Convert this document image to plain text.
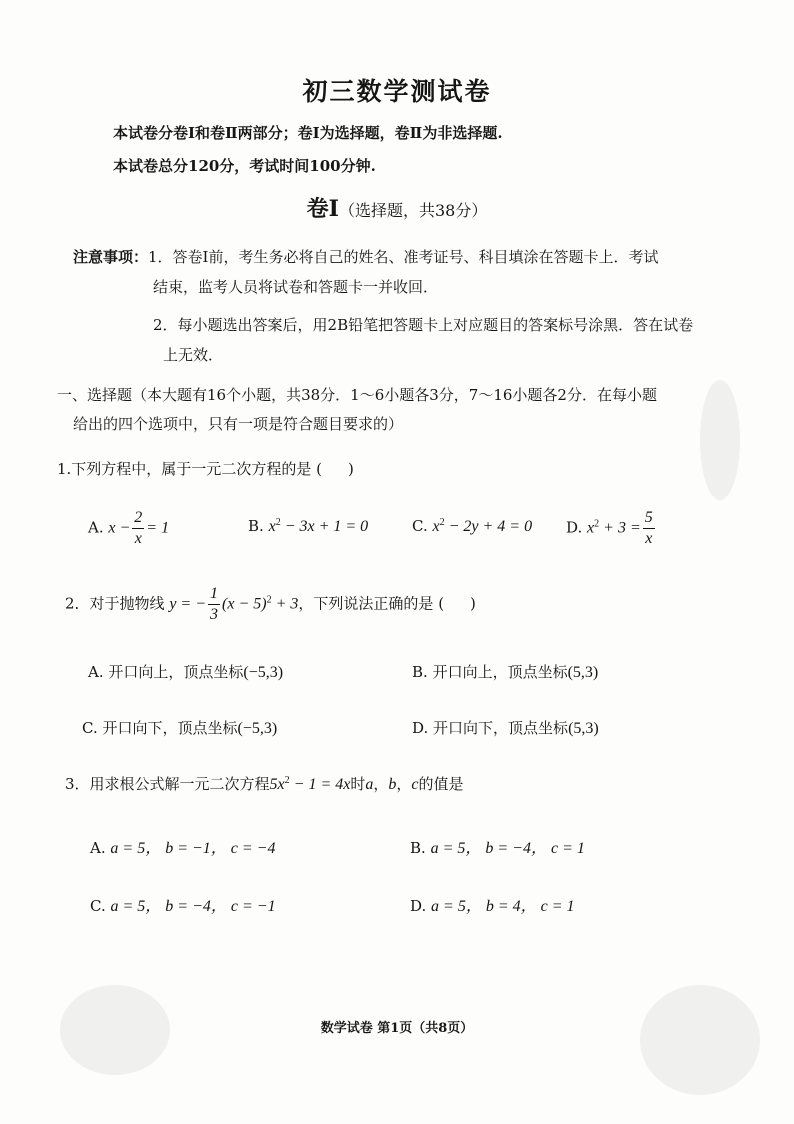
初三数学测试卷
本试卷分卷Ⅰ和卷Ⅱ两部分；卷Ⅰ为选择题，卷Ⅱ为非选择题.
本试卷总分120分，考试时间100分钟.
卷Ⅰ（选择题，共38分）
注意事项：1．答卷Ⅰ前，考生务必将自己的姓名、准考证号、科目填涂在答题卡上．考试
结束，监考人员将试卷和答题卡一并收回．
2．每小题选出答案后，用2B铅笔把答题卡上对应题目的答案标号涂黑．答在试卷
上无效．
一、选择题（本大题有16个小题，共38分．1～6小题各3分，7～16小题各2分．在每小题
给出的四个选项中，只有一项是符合题目要求的）
1.下列方程中，属于一元二次方程的是 ( )
A. $x - \frac{2}{x} = 1$	B. $x^2 - 3x + 1 = 0$	C. $x^2 - 2y + 4 = 0$ D. $x^2 + 3 = \frac{5}{x}$
2．对于抛物线 y = − $\frac{1}{3} (x - 5)^2 + 3$，下列说法正确的是 ( )
A. 开口向上，顶点坐标(−5,3)	B. 开口向上，顶点坐标(5,3)
C. 开口向下，顶点坐标(−5,3)	D. 开口向下，顶点坐标(5,3)
3．用求根公式解一元二次方程$5x^2 - 1 = 4x$时a，b，c的值是
A. a = 5， b = −1， c = −4	B. a = 5， b = −4， c = 1
C. a = 5， b = −4， c = −1	D. a = 5， b = 4， c = 1
数学试卷 第1页（共8页）
